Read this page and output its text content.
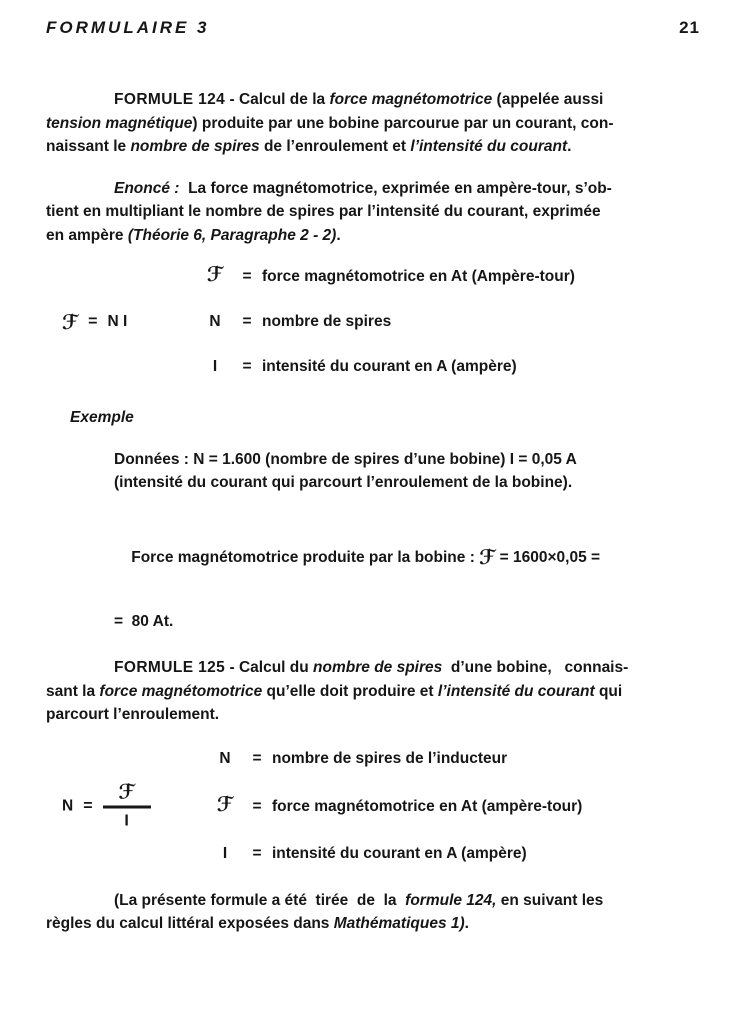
FORMULAIRE 3	21
FORMULE 124 - Calcul de la force magnétomotrice (appelée aussi
tension magnétique) produite par une bobine parcourue par un courant, con-
naissant le nombre de spires de l’enroulement et l’intensité du courant.
Enoncé :  La force magnétomotrice, exprimée en ampère-tour, s’ob-
tient en multipliant le nombre de spires par l’intensité du courant, exprimée
en ampère (Théorie 6, Paragraphe 2 - 2).
ℱ = N I
ℱ	= force magnétomotrice en At (Ampère-tour)
N	= nombre de spires
I	= intensité du courant en A (ampère)
Exemple
Données : N = 1.600 (nombre de spires d’une bobine) I = 0,05 A
(intensité du courant qui parcourt l’enroulement de la bobine).

Force magnétomotrice produite par la bobine : ℱ = 1600×0,05 =

=  80 At.
FORMULE 125 - Calcul du nombre de spires  d’une bobine,   connais-
sant la force magnétomotrice qu’elle doit produire et l’intensité du courant qui
parcourt l’enroulement.
$N = \frac{\text{ℱ}}{I}$
N	= nombre de spires de l’inducteur
ℱ	= force magnétomotrice en At (ampère-tour)
I	= intensité du courant en A (ampère)
(La présente formule a été  tirée  de  la  formule 124, en suivant les
règles du calcul littéral exposées dans Mathématiques 1).
